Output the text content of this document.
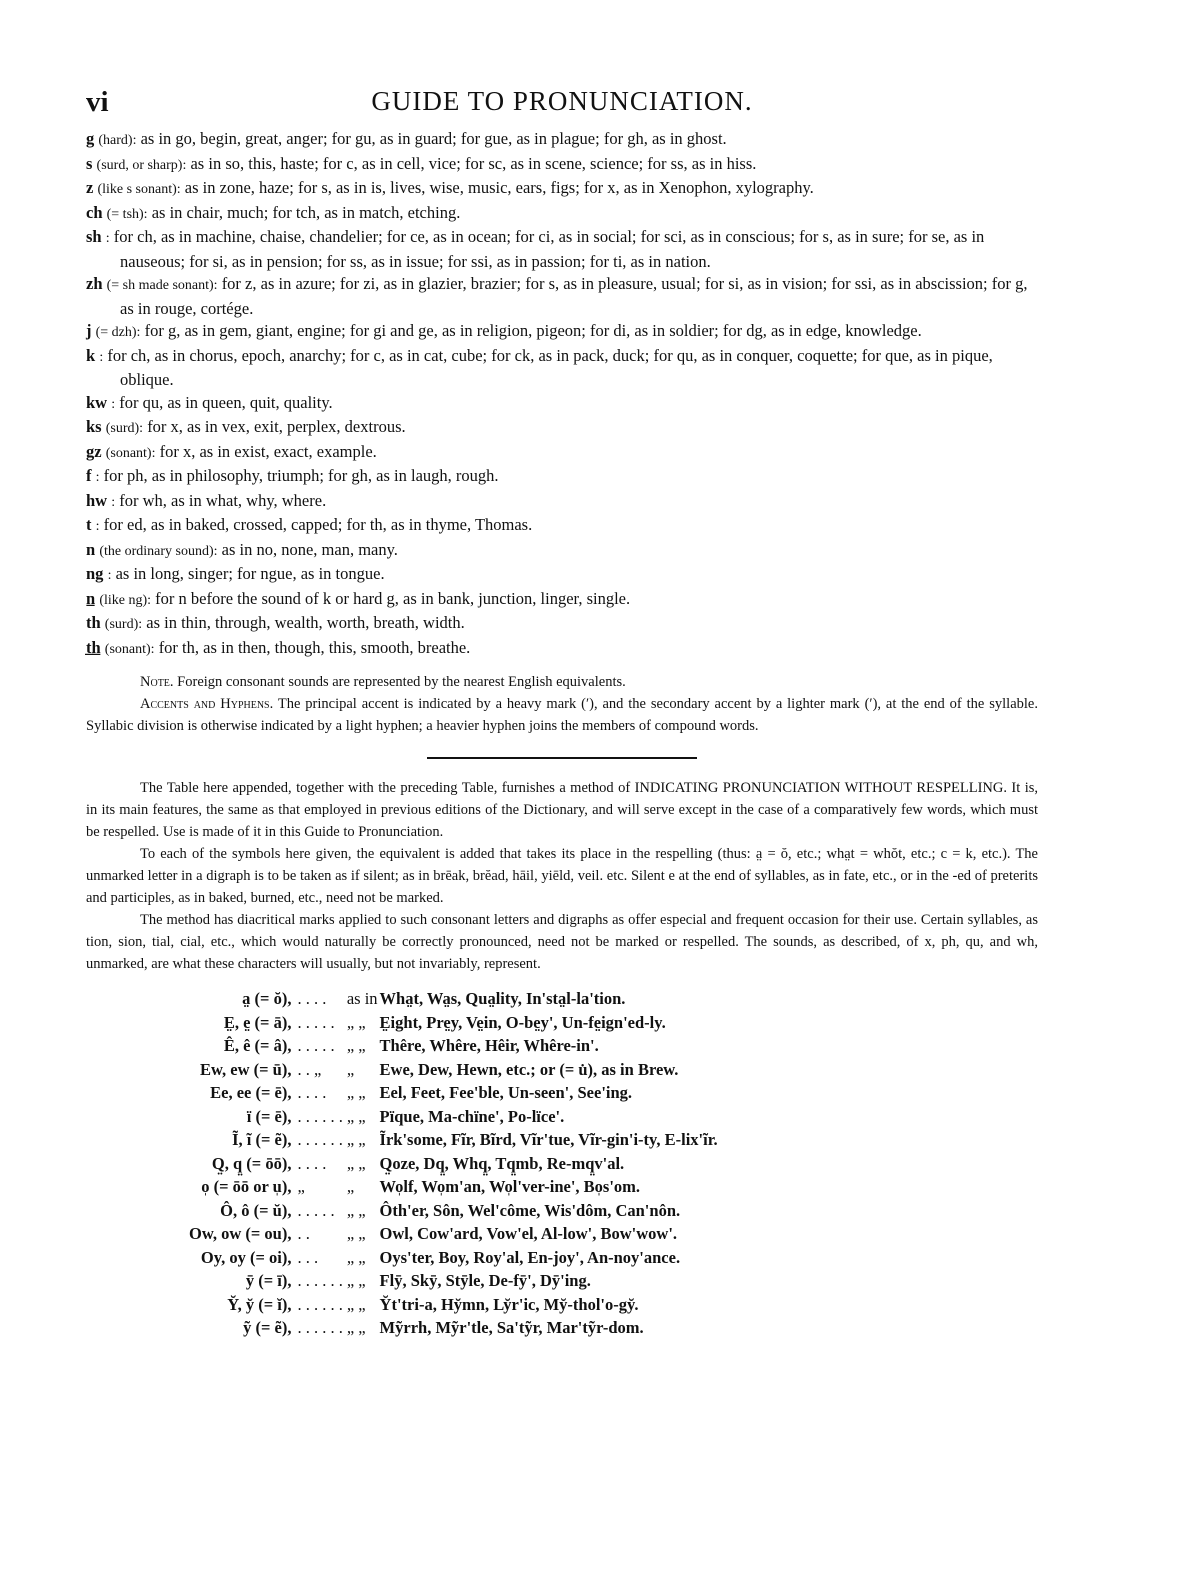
vi	GUIDE TO PRONUNCIATION.
g (hard): as in go, begin, great, anger; for gu, as in guard; for gue, as in plague; for gh, as in ghost.
s (surd, or sharp): as in so, this, haste; for c, as in cell, vice; for sc, as in scene, science; for ss, as in hiss.
z (like s sonant): as in zone, haze; for s, as in is, lives, wise, music, ears, figs; for x, as in Xenophon, xylography.
ch (= tsh): as in chair, much; for tch, as in match, etching.
sh : for ch, as in machine, chaise, chandelier; for ce, as in ocean; for ci, as in social; for sci, as in conscious; for s, as in sure; for se, as in nauseous; for si, as in pension; for ss, as in issue; for ssi, as in passion; for ti, as in nation.
zh (= sh made sonant): for z, as in azure; for zi, as in glazier, brazier; for s, as in pleasure, usual; for si, as in vision; for ssi, as in abscission; for g, as in rouge, cortége.
j (= dzh): for g, as in gem, giant, engine; for gi and ge, as in religion, pigeon; for di, as in soldier; for dg, as in edge, knowledge.
k : for ch, as in chorus, epoch, anarchy; for c, as in cat, cube; for ck, as in pack, duck; for qu, as in conquer, coquette; for que, as in pique, oblique.
kw : for qu, as in queen, quit, quality.
ks (surd): for x, as in vex, exit, perplex, dextrous.
gz (sonant): for x, as in exist, exact, example.
f : for ph, as in philosophy, triumph; for gh, as in laugh, rough.
hw : for wh, as in what, why, where.
t : for ed, as in baked, crossed, capped; for th, as in thyme, Thomas.
n (the ordinary sound): as in no, none, man, many.
ng : as in long, singer; for ngue, as in tongue.
n̲ (like ng): for n before the sound of k or hard g, as in bank, junction, linger, single.
th (surd): as in thin, through, wealth, worth, breath, width.
t̲h̲ (sonant): for th, as in then, though, this, smooth, breathe.
Note. Foreign consonant sounds are represented by the nearest English equivalents.
Accents and Hyphens. The principal accent is indicated by a heavy mark (ʹ), and the secondary accent by a lighter mark (ʹ), at the end of the syllable. Syllabic division is otherwise indicated by a light hyphen; a heavier hyphen joins the members of compound words.
The Table here appended, together with the preceding Table, furnishes a method of INDICATING PRONUNCIATION WITHOUT RESPELLING. It is, in its main features, the same as that employed in previous editions of the Dictionary, and will serve except in the case of a comparatively few words, which must be respelled. Use is made of it in this Guide to Pronunciation.
To each of the symbols here given, the equivalent is added that takes its place in the respelling (thus: a̤ = ŏ, etc.; wha̤t = whŏt, etc.; c = k, etc.). The unmarked letter in a digraph is to be taken as if silent; as in brēak, brĕad, hāil, yiēld, veil. etc. Silent e at the end of syllables, as in fate, etc., or in the -ed of preterits and participles, as in baked, burned, etc., need not be marked.
The method has diacritical marks applied to such consonant letters and digraphs as offer especial and frequent occasion for their use. Certain syllables, as tion, sion, tial, cial, etc., which would naturally be correctly pronounced, need not be marked or respelled. The sounds, as described, of x, ph, qu, and wh, unmarked, are what these characters will usually, but not invariably, represent.
a̤ (= ŏ),	. . . .	as in	Wha̤t, Wa̤s, Qua̤lity, In'sta̤l-la'tion.
E̤, e̤ (= ā),	. . . . .	„ „	E̤ight, Pre̤y, Ve̤in, O-be̤y', Un-fe̤ign'ed-ly.
Ê, ê (= â),	. . . . .	„ „	Thêre, Whêre, Hêir, Whêre-in'.
Ew, ew (= ū),	. . „	„	Ewe, Dew, Hewn, etc.; or (= u̇), as in Brew.
Ee, ee (= ē),	. . . .	„ „	Eel, Feet, Fee'ble, Un-seen', See'ing.
ï (= ē),	. . . . . .	„ „	Pïque, Ma-chïne', Po-lïce'.
Ĩ, ĩ (= ẽ),	. . . . . .	„ „	Ĩrk'some, Fĩr, Bĩrd, Vĩr'tue, Vĩr-gin'i-ty, E-lix'ĩr.
Q̤, q̤ (= ōō),	. . . .	„ „	Q̤oze, Dq̤, Whq̤, Tq̤mb, Re-mq̤v'al.
o̩ (= ōō or u̩),	„	„	Wo̩lf, Wo̩m'an, Wo̩l'ver-ine', Bo̩s'om.
Ô, ô (= ŭ),	. . . . .	„ „	Ôth'er, Sôn, Wel'côme, Wis'dôm, Can'nôn.
Ow, ow (= ou),	. .	„ „	Owl, Cow'ard, Vow'el, Al-low', Bow'wow'.
Oy, oy (= oi),	. . .	„ „	Oys'ter, Boy, Roy'al, En-joy', An-noy'ance.
ȳ (= ī),	. . . . . .	„ „	Flȳ, Skȳ, Stȳle, De-fȳ', Dȳ'ing.
Y̆, y̆ (= ĭ),	. . . . . .	„ „	Y̆t'tri-a, Hy̆mn, Ly̆r'ic, My̆-thol'o-gy̆.
ỹ (= ẽ),	. . . . . .	„ „	Mỹrrh, Mỹr'tle, Sa'tỹr, Mar'tỹr-dom.
